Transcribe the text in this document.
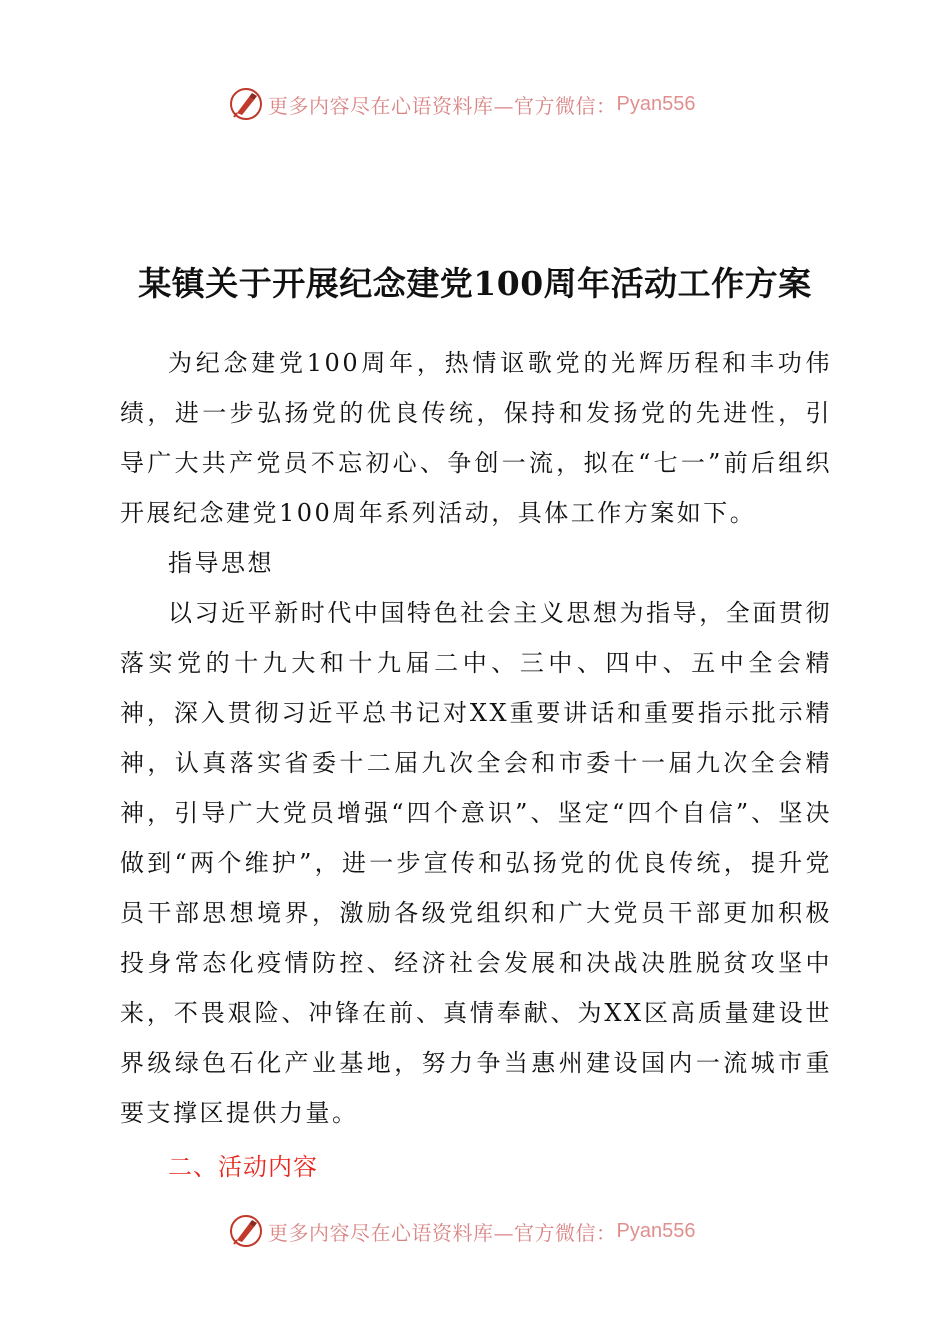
更多内容尽在心语资料库—官方微信： Pyan556
某镇关于开展纪念建党100周年活动工作方案

为纪念建党100周年，热情讴歌党的光辉历程和丰功伟绩，进一步弘扬党的优良传统，保持和发扬党的先进性，引导广大共产党员不忘初心、争创一流，拟在“七一”前后组织开展纪念建党100周年系列活动，具体工作方案如下。

指导思想

以习近平新时代中国特色社会主义思想为指导，全面贯彻落实党的十九大和十九届二中、三中、四中、五中全会精神，深入贯彻习近平总书记对XX重要讲话和重要指示批示精神，认真落实省委十二届九次全会和市委十一届九次全会精神，引导广大党员增强“四个意识”、坚定“四个自信”、坚决做到“两个维护”，进一步宣传和弘扬党的优良传统，提升党员干部思想境界，激励各级党组织和广大党员干部更加积极投身常态化疫情防控、经济社会发展和决战决胜脱贫攻坚中来，不畏艰险、冲锋在前、真情奉献、为XX区高质量建设世界级绿色石化产业基地，努力争当惠州建设国内一流城市重要支撑区提供力量。

二、活动内容

更多内容尽在心语资料库—官方微信： Pyan556
